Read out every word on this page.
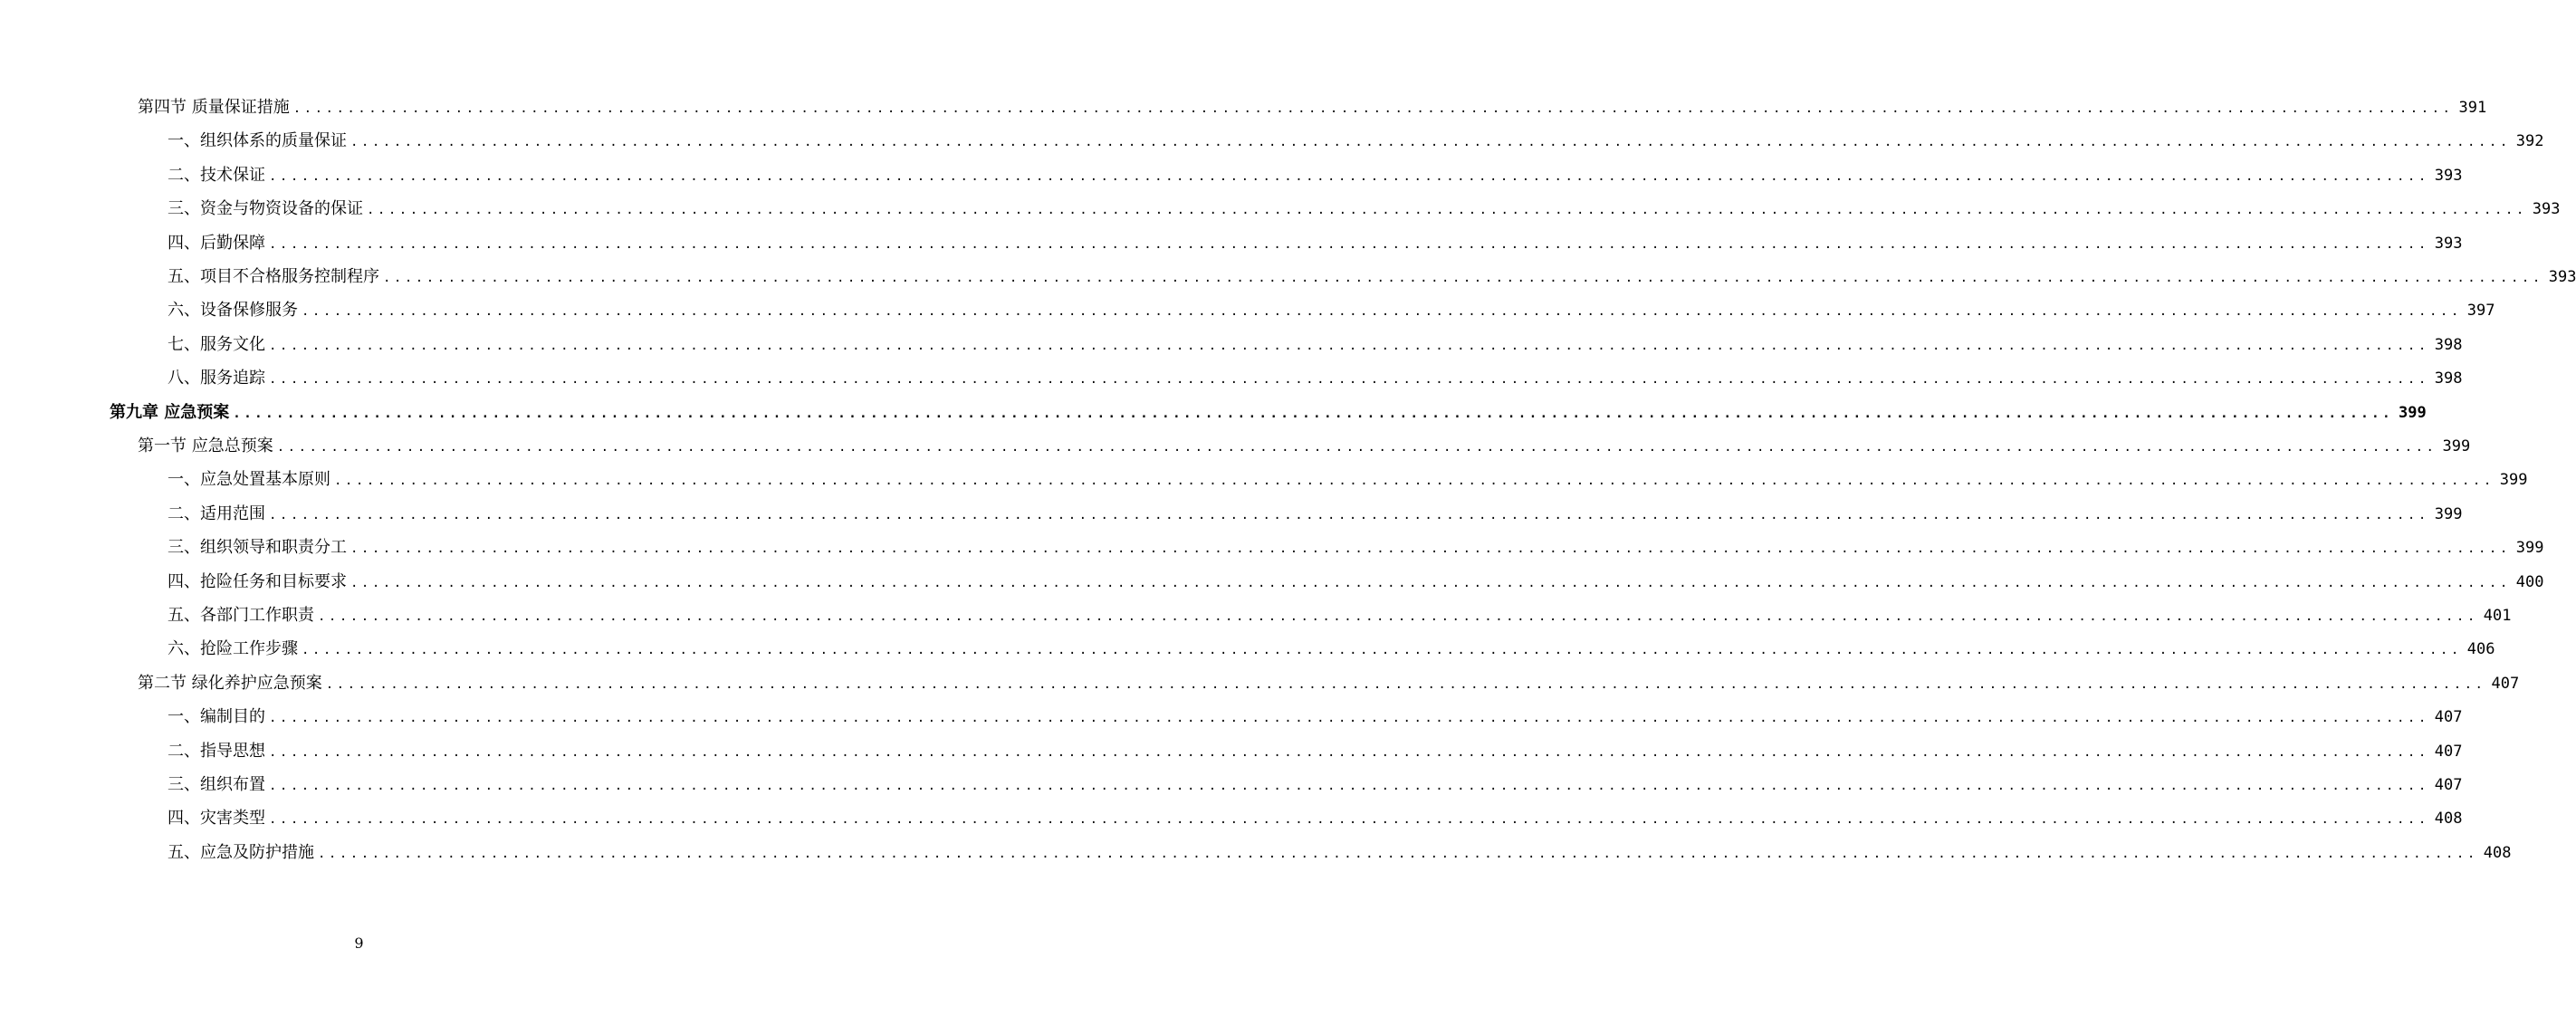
第四节 质量保证措施 ........................................................................................................................................................................................................ 391
一、组织体系的质量保证 ........................................................................................................................................................................................................ 392
二、技术保证 ........................................................................................................................................................................................................ 393
三、资金与物资设备的保证 ........................................................................................................................................................................................................ 393
四、后勤保障 ........................................................................................................................................................................................................ 393
五、项目不合格服务控制程序 ........................................................................................................................................................................................................ 393
六、设备保修服务 ........................................................................................................................................................................................................ 397
七、服务文化 ........................................................................................................................................................................................................ 398
八、服务追踪 ........................................................................................................................................................................................................ 398
第九章 应急预案 ........................................................................................................................................................................................................ 399
第一节 应急总预案 ........................................................................................................................................................................................................ 399
一、应急处置基本原则 ........................................................................................................................................................................................................ 399
二、适用范围 ........................................................................................................................................................................................................ 399
三、组织领导和职责分工 ........................................................................................................................................................................................................ 399
四、抢险任务和目标要求 ........................................................................................................................................................................................................ 400
五、各部门工作职责 ........................................................................................................................................................................................................ 401
六、抢险工作步骤 ........................................................................................................................................................................................................ 406
第二节 绿化养护应急预案 ........................................................................................................................................................................................................ 407
一、编制目的 ........................................................................................................................................................................................................ 407
二、指导思想 ........................................................................................................................................................................................................ 407
三、组织布置 ........................................................................................................................................................................................................ 407
四、灾害类型 ........................................................................................................................................................................................................ 408
五、应急及防护措施 ........................................................................................................................................................................................................ 408
9
